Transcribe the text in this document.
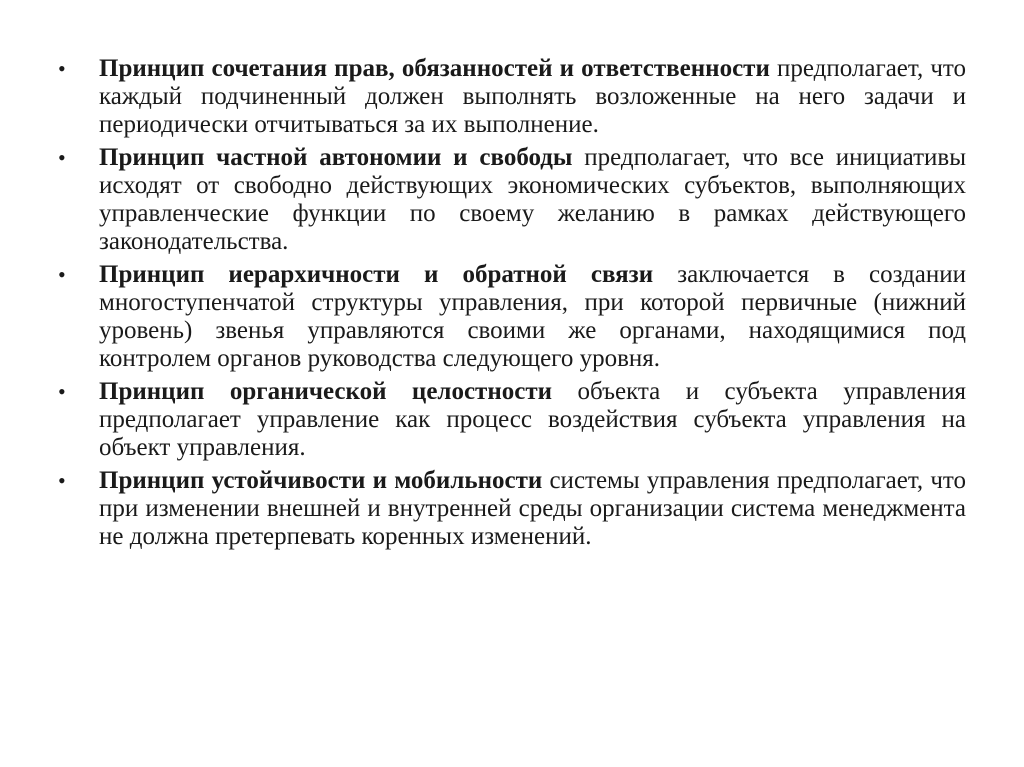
• Принцип сочетания прав, обязанностей и ответственности предполагает, что каждый подчиненный должен выполнять возложенные на него задачи и периодически отчитываться за их выполнение.
• Принцип частной автономии и свободы предполагает, что все инициативы исходят от свободно действующих экономических субъектов, выполняющих управленческие функции по своему желанию в рамках действующего законодательства.
• Принцип иерархичности и обратной связи заключается в создании многоступенчатой структуры управления, при которой первичные (нижний уровень) звенья управляются своими же органами, находящимися под контролем органов руководства следующего уровня.
• Принцип органической целостности объекта и субъекта управления предполагает управление как процесс воздействия субъекта управления на объект управления.
• Принцип устойчивости и мобильности системы управления предполагает, что при изменении внешней и внутренней среды организации система менеджмента не должна претерпевать коренных изменений.
